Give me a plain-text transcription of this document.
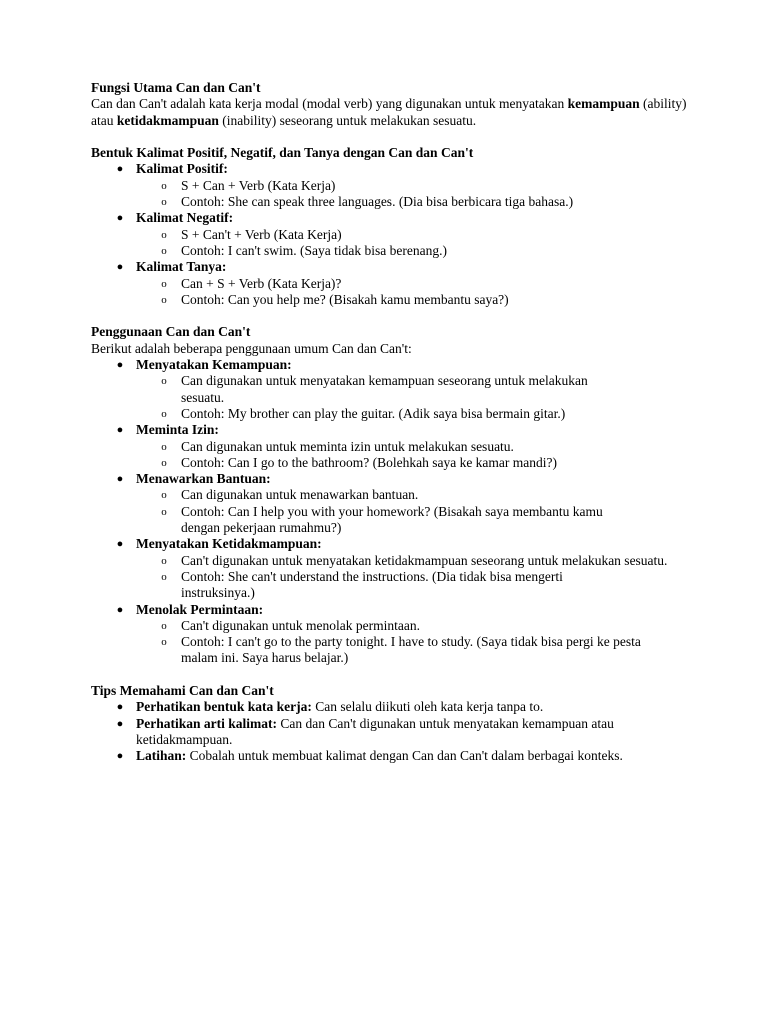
Fungsi Utama Can dan Can't

Can dan Can't adalah kata kerja modal (modal verb) yang digunakan untuk menyatakan kemampuan (ability) atau ketidakmampuan (inability) seseorang untuk melakukan sesuatu.

Bentuk Kalimat Positif, Negatif, dan Tanya dengan Can dan Can't

● Kalimat Positif:
o S + Can + Verb (Kata Kerja)
o Contoh: She can speak three languages. (Dia bisa berbicara tiga bahasa.)
● Kalimat Negatif:
o S + Can't + Verb (Kata Kerja)
o Contoh: I can't swim. (Saya tidak bisa berenang.)
● Kalimat Tanya:
o Can + S + Verb (Kata Kerja)?
o Contoh: Can you help me? (Bisakah kamu membantu saya?)

Penggunaan Can dan Can't

Berikut adalah beberapa penggunaan umum Can dan Can't:

● Menyatakan Kemampuan:
o Can digunakan untuk menyatakan kemampuan seseorang untuk melakukan sesuatu.
o Contoh: My brother can play the guitar. (Adik saya bisa bermain gitar.)
● Meminta Izin:
o Can digunakan untuk meminta izin untuk melakukan sesuatu.
o Contoh: Can I go to the bathroom? (Bolehkah saya ke kamar mandi?)
● Menawarkan Bantuan:
o Can digunakan untuk menawarkan bantuan.
o Contoh: Can I help you with your homework? (Bisakah saya membantu kamu dengan pekerjaan rumahmu?)
● Menyatakan Ketidakmampuan:
o Can't digunakan untuk menyatakan ketidakmampuan seseorang untuk melakukan sesuatu.
o Contoh: She can't understand the instructions. (Dia tidak bisa mengerti instruksinya.)
● Menolak Permintaan:
o Can't digunakan untuk menolak permintaan.
o Contoh: I can't go to the party tonight. I have to study. (Saya tidak bisa pergi ke pesta malam ini. Saya harus belajar.)

Tips Memahami Can dan Can't

● Perhatikan bentuk kata kerja: Can selalu diikuti oleh kata kerja tanpa to.
● Perhatikan arti kalimat: Can dan Can't digunakan untuk menyatakan kemampuan atau ketidakmampuan.
● Latihan: Cobalah untuk membuat kalimat dengan Can dan Can't dalam berbagai konteks.
